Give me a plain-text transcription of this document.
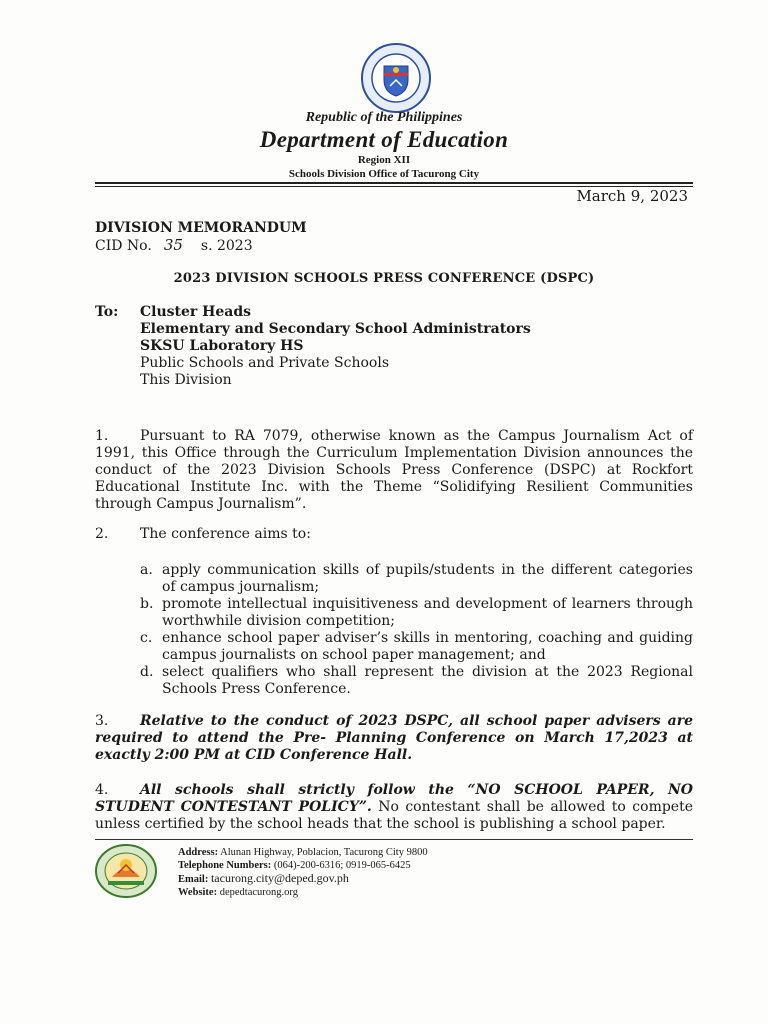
Republic of the Philippines
Department of Education
Region XII
Schools Division Office of Tacurong City
March 9, 2023
DIVISION MEMORANDUM
CID No. 35 s. 2023
2023 DIVISION SCHOOLS PRESS CONFERENCE (DSPC)
To: Cluster Heads
Elementary and Secondary School Administrators
SKSU Laboratory HS
Public Schools and Private Schools
This Division
1. Pursuant to RA 7079, otherwise known as the Campus Journalism Act of 1991, this Office through the Curriculum Implementation Division announces the conduct of the 2023 Division Schools Press Conference (DSPC) at Rockfort Educational Institute Inc. with the Theme “Solidifying Resilient Communities through Campus Journalism”.
2. The conference aims to:
a. apply communication skills of pupils/students in the different categories of campus journalism;
b. promote intellectual inquisitiveness and development of learners through worthwhile division competition;
c. enhance school paper adviser’s skills in mentoring, coaching and guiding campus journalists on school paper management; and
d. select qualifiers who shall represent the division at the 2023 Regional Schools Press Conference.
3. Relative to the conduct of 2023 DSPC, all school paper advisers are required to attend the Pre- Planning Conference on March 17,2023 at exactly 2:00 PM at CID Conference Hall.
4. All schools shall strictly follow the “NO SCHOOL PAPER, NO STUDENT CONTESTANT POLICY”. No contestant shall be allowed to compete unless certified by the school heads that the school is publishing a school paper.
Address: Alunan Highway, Poblacion, Tacurong City 9800
Telephone Numbers: (064)-200-6316; 0919-065-6425
Email: tacurong.city@deped.gov.ph
Website: depedtacurong.org
